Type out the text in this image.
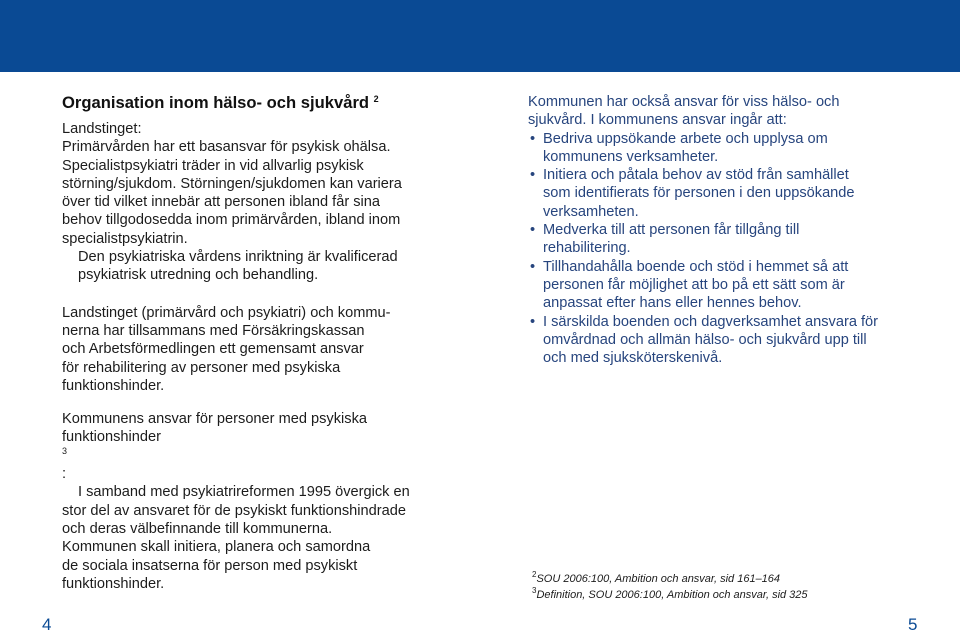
Organisation inom hälso- och sjukvård $^2$

Landstinget:
Primärvården har ett basansvar för psykisk ohälsa.
Specialistpsykiatri träder in vid allvarlig psykisk
störning/sjukdom. Störningen/sjukdomen kan variera
över tid vilket innebär att personen ibland får sina
behov tillgodosedda inom primärvården, ibland inom
specialistpsykiatrin.

Den psykiatriska vårdens inriktning är kvalificerad
psykiatrisk utredning och behandling.

Landstinget (primärvård och psykiatri) och kommu-
nerna har tillsammans med Försäkringskassan
och Arbetsförmedlingen ett gemensamt ansvar
för rehabilitering av personer med psykiska
funktionshinder.

Kommunens ansvar för personer med psykiska
funktionshinder
$^3$
:

I samband med psykiatrireformen 1995 övergick en
stor del av ansvaret för de psykiskt funktionshindrade
och deras välbefinnande till kommunerna.
Kommunen skall initiera, planera och samordna
de sociala insatserna för person med psykiskt
funktionshinder.

Kommunen har också ansvar för viss hälso- och
sjukvård. I kommunens ansvar ingår att:

• Bedriva uppsökande arbete och upplysa om
kommunens verksamheter.
• Initiera och påtala behov av stöd från samhället
som identifierats för personen i den uppsökande
verksamheten.
• Medverka till att personen får tillgång till
rehabilitering.
• Tillhandahålla boende och stöd i hemmet så att
personen får möjlighet att bo på ett sätt som är
anpassat efter hans eller hennes behov.
• I särskilda boenden och dagverksamhet ansvara för
omvårdnad och allmän hälso- och sjukvård upp till
och med sjuksköterskenivå.
$^2$SOU 2006:100, Ambition och ansvar, sid 161–164
$^3$Definition, SOU 2006:100, Ambition och ansvar, sid 325
4	5
